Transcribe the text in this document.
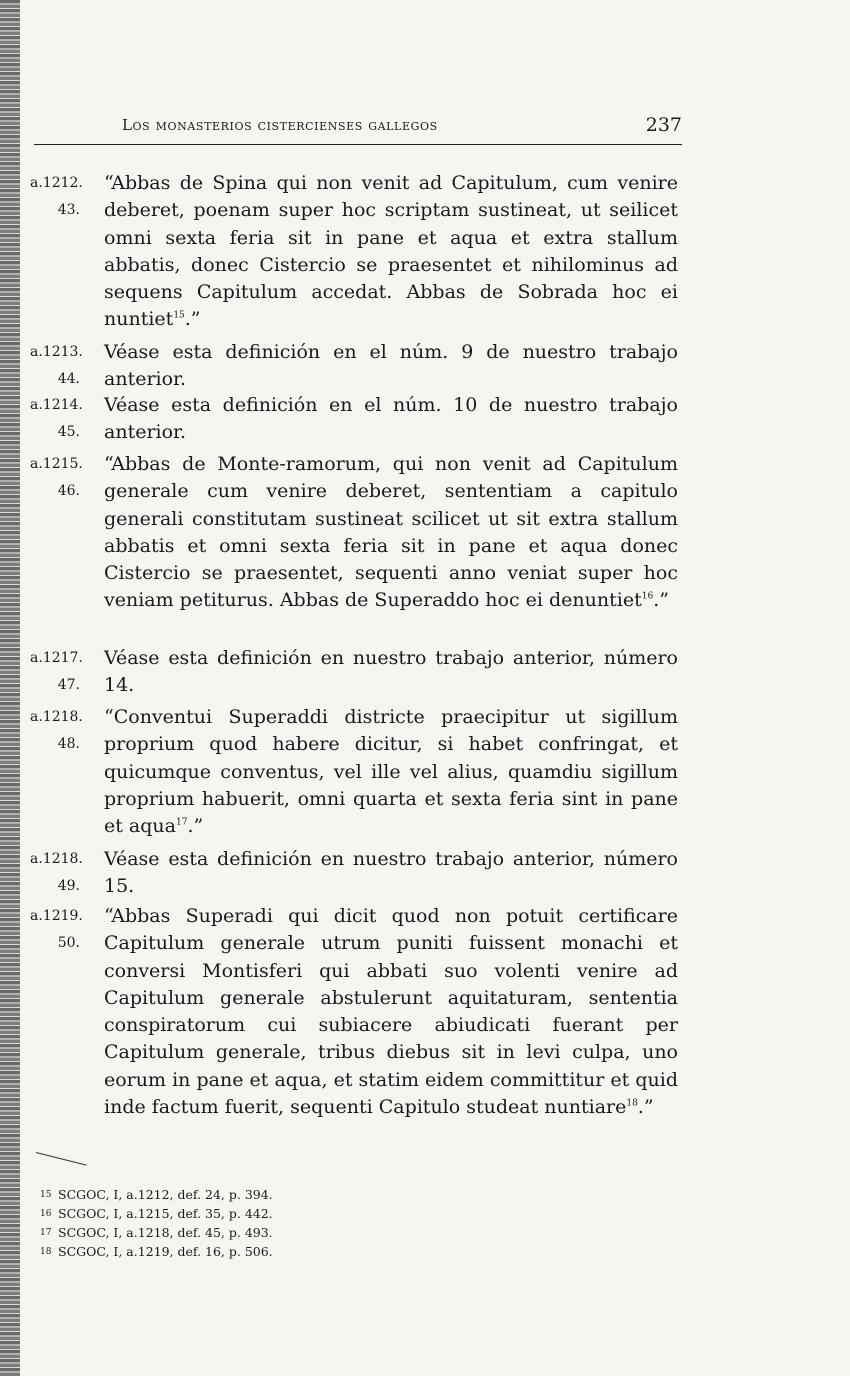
Los monasterios cistercienses gallegos	237
a.1212.
43.
“Abbas de Spina qui non venit ad Capitulum, cum venire deberet, poenam super hoc scriptam sustineat, ut seilicet omni sexta feria sit in pane et aqua et extra stallum abbatis, donec Cistercio se praesentet et nihilominus ad sequens Capitulum accedat. Abbas de Sobrada hoc ei nuntiet$^{15}$.”
a.1213.
44.
Véase esta definición en el núm. 9 de nuestro trabajo anterior.
a.1214.
45.
Véase esta definición en el núm. 10 de nuestro trabajo anterior.
a.1215.
46.
“Abbas de Monte-ramorum, qui non venit ad Capitulum generale cum venire deberet, sententiam a capitulo generali constitutam sustineat scilicet ut sit extra stallum abbatis et omni sexta feria sit in pane et aqua donec Cistercio se praesentet, sequenti anno veniat super hoc veniam petiturus. Abbas de Superaddo hoc ei denuntiet$^{16}$.”
a.1217.
47.
Véase esta definición en nuestro trabajo anterior, número 14.
a.1218.
48.
“Conventui Superaddi districte praecipitur ut sigillum proprium quod habere dicitur, si habet confringat, et quicumque conventus, vel ille vel alius, quamdiu sigillum proprium habuerit, omni quarta et sexta feria sint in pane et aqua$^{17}$.”
a.1218.
49.
Véase esta definición en nuestro trabajo anterior, número 15.
a.1219.
50.
“Abbas Superadi qui dicit quod non potuit certificare Capitulum generale utrum puniti fuissent monachi et conversi Montisferi qui abbati suo volenti venire ad Capitulum generale abstulerunt aquitaturam, sententia conspiratorum cui subiacere abiudicati fuerant per Capitulum generale, tribus diebus sit in levi culpa, uno eorum in pane et aqua, et statim eidem committitur et quid inde factum fuerit, sequenti Capitulo studeat nuntiare$^{18}$.”
15 SCGOC, I, a.1212, def. 24, p. 394.
16 SCGOC, I, a.1215, def. 35, p. 442.
17 SCGOC, I, a.1218, def. 45, p. 493.
18 SCGOC, I, a.1219, def. 16, p. 506.
